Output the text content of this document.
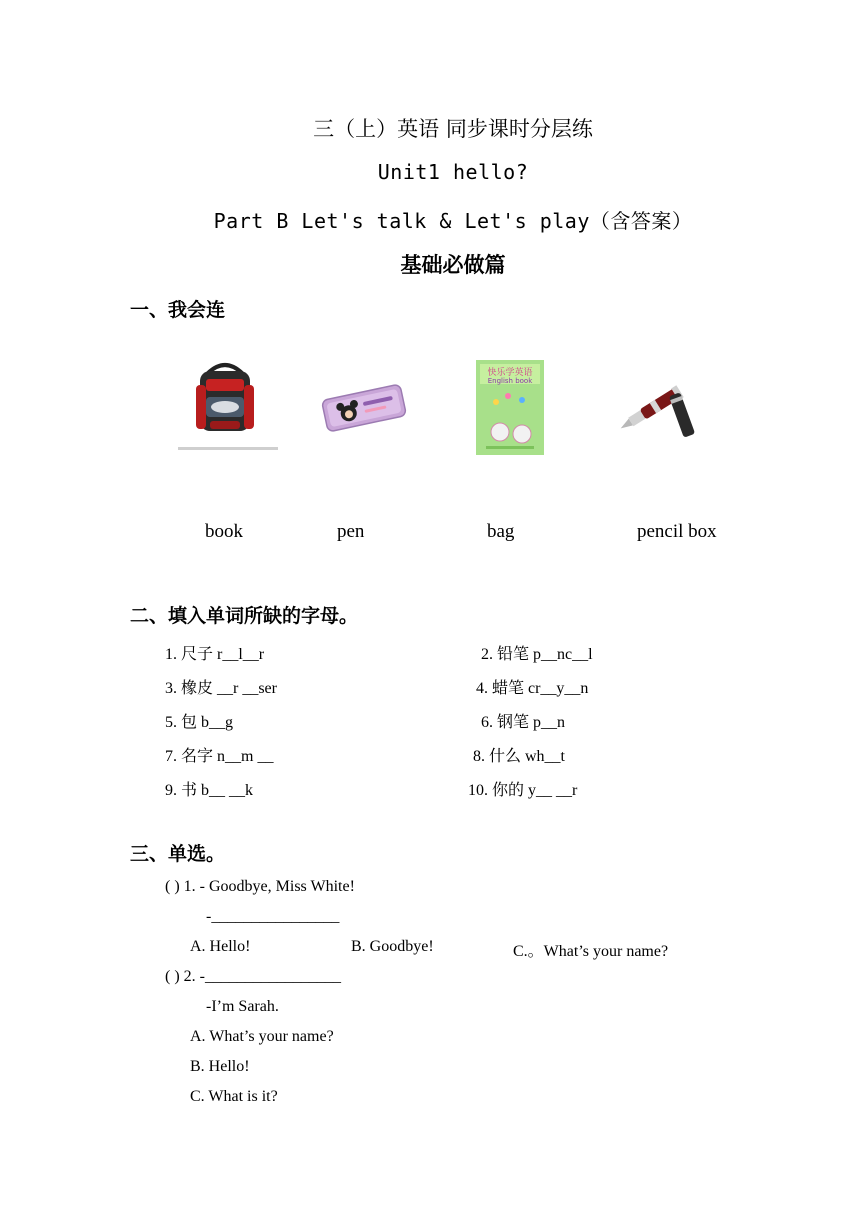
三（上）英语 同步课时分层练
Unit1 hello?
Part B Let's talk & Let's play（含答案）
基础必做篇
一、我会连
快乐学英语
English book
book	pen	bag	pencil box
二、填入单词所缺的字母。
1. 尺子 r__l__r	2. 铅笔 p__nc__l
3. 橡皮 __r __ser	4. 蜡笔 cr__y__n
5. 包 b__g	6. 钢笔 p__n
7. 名字 n__m __	8. 什么 wh__t
9. 书 b__ __k	10. 你的 y__ __r
三、单选。
( ) 1. - Goodbye, Miss White!
-________________
A. Hello!	B. Goodbye!	C.。What’s your name?
( ) 2. -_________________
-I’m Sarah.
A. What’s your name?
B. Hello!
C. What is it?
